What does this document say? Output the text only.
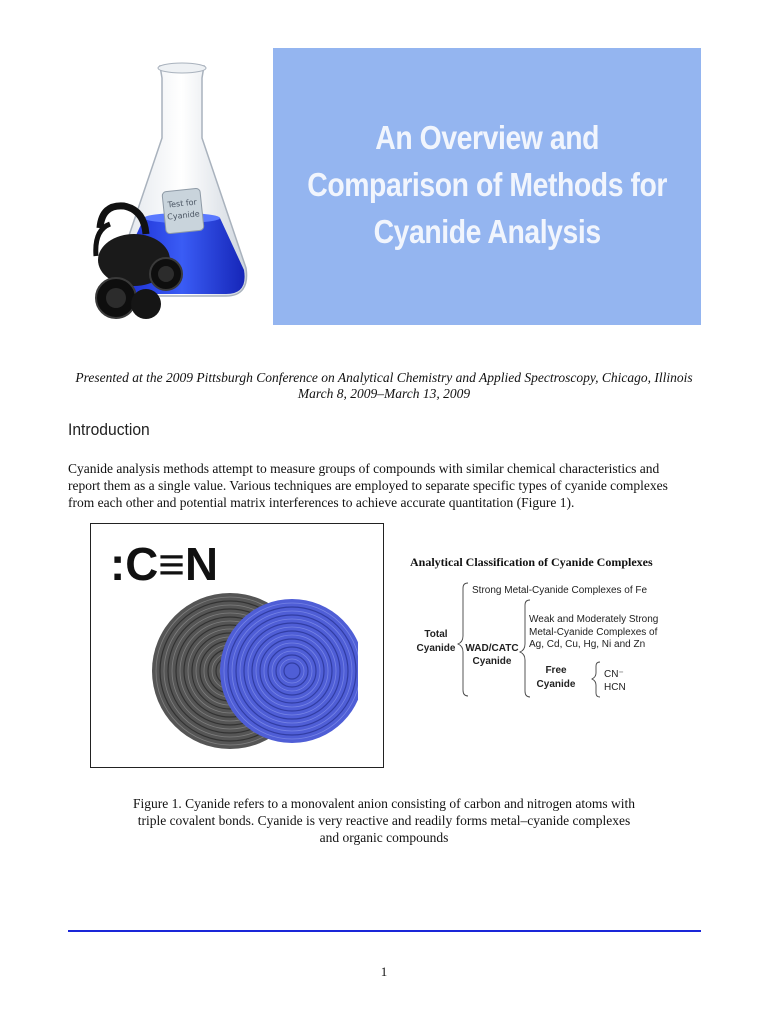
Test for
Cyanide
An Overview and
Comparison of Methods for
Cyanide Analysis
Presented at the 2009 Pittsburgh Conference on Analytical Chemistry and Applied Spectroscopy, Chicago, Illinois
March 8, 2009–March 13, 2009
Introduction
Cyanide analysis methods attempt to measure groups of compounds with similar chemical characteristics and report them as a single value. Various techniques are employed to separate specific types of cyanide complexes from each other and potential matrix interferences to achieve accurate quantitation (Figure 1).
:C≡N	Analytical Classification of Cyanide Complexes
Strong Metal-Cyanide Complexes of Fe
Total
Cyanide WAD/CATC
Cyanide
Weak and Moderately Strong
Metal-Cyanide Complexes of
Ag, Cd, Cu, Hg, Ni and Zn
Free
Cyanide
CN⁻
HCN
Figure 1. Cyanide refers to a monovalent anion consisting of carbon and nitrogen atoms with
triple covalent bonds. Cyanide is very reactive and readily forms metal–cyanide complexes
and organic compounds
1
